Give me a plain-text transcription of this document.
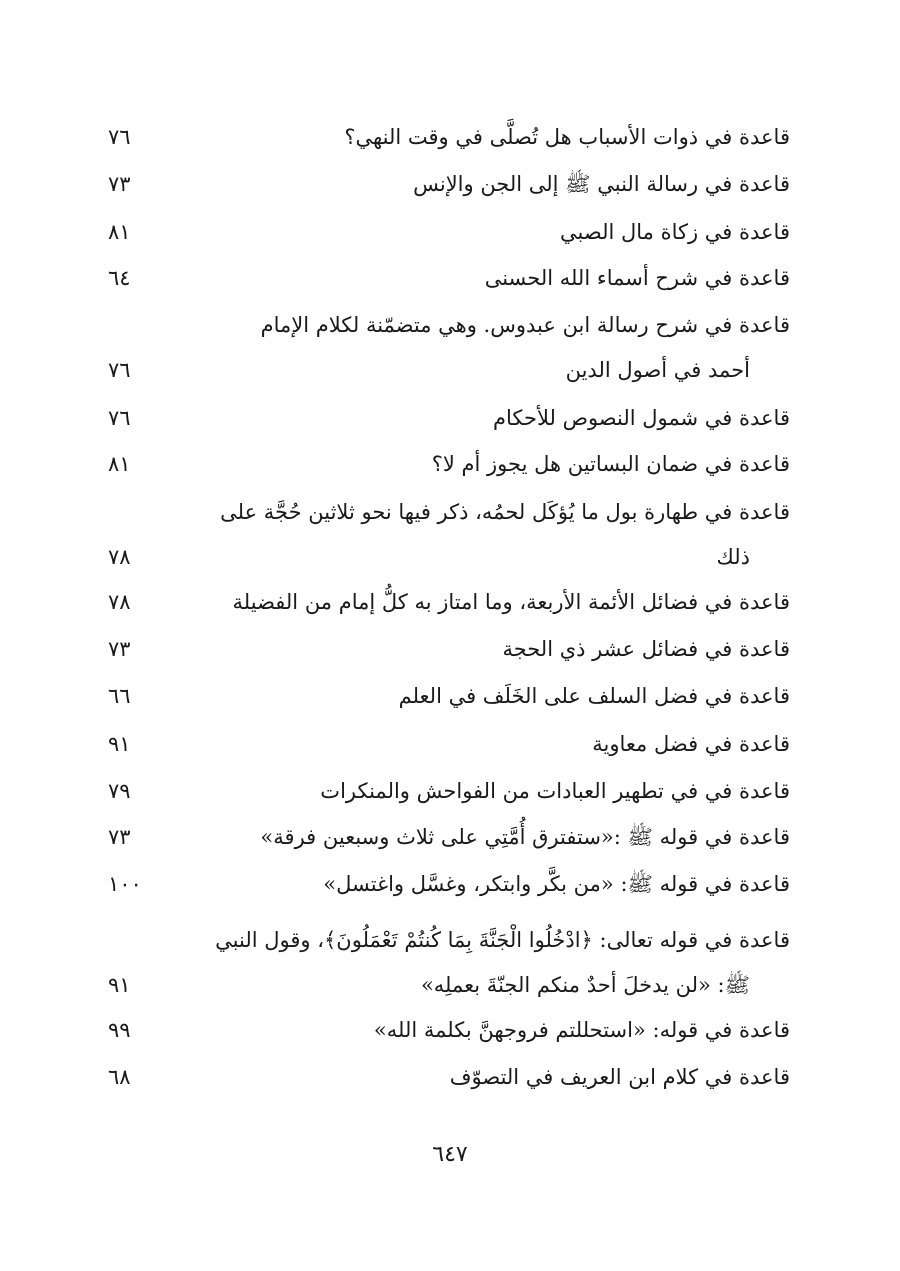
قاعدة في ذوات الأسباب هل تُصلَّى في وقت النهي؟
٧٦
قاعدة في رسالة النبي ﷺ إلى الجن والإنس
٧٣
قاعدة في زكاة مال الصبي
٨١
قاعدة في شرح أسماء الله الحسنى
٦٤
قاعدة في شرح رسالة ابن عبدوس. وهي متضمّنة لكلام الإمام
أحمد في أصول الدين
٧٦
قاعدة في شمول النصوص للأحكام
٧٦
قاعدة في ضمان البساتين هل يجوز أم لا؟
٨١
قاعدة في طهارة بول ما يُؤكَل لحمُه، ذكر فيها نحو ثلاثين حُجَّة على
ذلك
٧٨
قاعدة في فضائل الأئمة الأربعة، وما امتاز به كلُّ إمام من الفضيلة
٧٨
قاعدة في فضائل عشر ذي الحجة
٧٣
قاعدة في فضل السلف على الخَلَف في العلم
٦٦
قاعدة في فضل معاوية
٩١
قاعدة في في تطهير العبادات من الفواحش والمنكرات
٧٩
قاعدة في قوله ﷺ :«ستفترق أُمَّتِي على ثلاث وسبعين فرقة»
٧٣
قاعدة في قوله ﷺ: «من بكَّر وابتكر، وغسَّل واغتسل»
١٠٠
قاعدة في قوله تعالى: ﴿ادْخُلُوا الْجَنَّةَ بِمَا كُنتُمْ تَعْمَلُونَ﴾، وقول النبي
ﷺ: «لن يدخلَ أحدٌ منكم الجنّةَ بعملِه»
٩١
قاعدة في قوله: «استحللتم فروجهنَّ بكلمة الله»
٩٩
قاعدة في كلام ابن العريف في التصوّف
٦٨
٦٤٧
